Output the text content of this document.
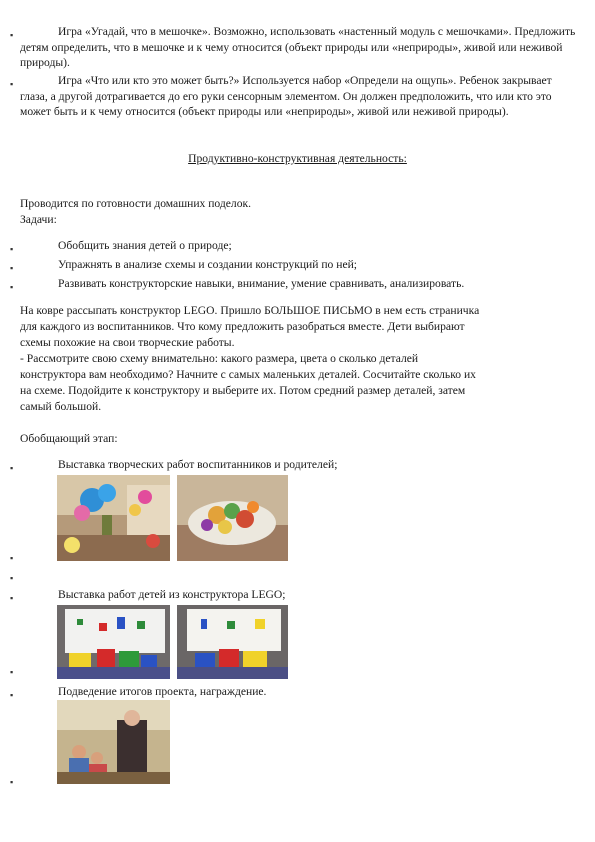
▪	Игра «Угадай, что в мешочке». Возможно, использовать «настенный модуль с мешочками». Предложить детям определить, что в мешочке и к чему относится (объект природы или «неприроды», живой или неживой природы).
▪	Игра «Что или кто это может быть?» Используется набор «Определи на ощупь». Ребенок закрывает глаза, а другой дотрагивается до его руки сенсорным элементом. Он должен предположить, что или кто это может быть и к чему относится (объект природы или «неприроды», живой или неживой природы).
Продуктивно-конструктивная деятельность:
Проводится по готовности домашних поделок.
Задачи:
▪	Обобщить знания детей о природе;
▪	Упражнять в анализе схемы и создании конструкций по ней;
▪	Развивать конструкторские навыки, внимание, умение сравнивать, анализировать.
На ковре рассыпать конструктор LEGO. Пришло БОЛЬШОЕ ПИСЬМО в нем есть страничка
для каждого из воспитанников. Что кому предложить разобраться вместе. Дети выбирают
схемы похожие на свои творческие работы.
- Рассмотрите свою схему внимательно: какого размера, цвета о сколько деталей
конструктора вам необходимо? Начните с самых маленьких деталей. Сосчитайте сколько их
на схеме. Подойдите к конструктору и выберите их. Потом средний размер деталей, затем
самый большой.
Обобщающий этап:
▪	Выставка творческих работ воспитанников и родителей;
▪
▪
▪	Выставка работ детей из конструктора LEGO;
▪
▪	Подведение итогов проекта, награждение.
▪
